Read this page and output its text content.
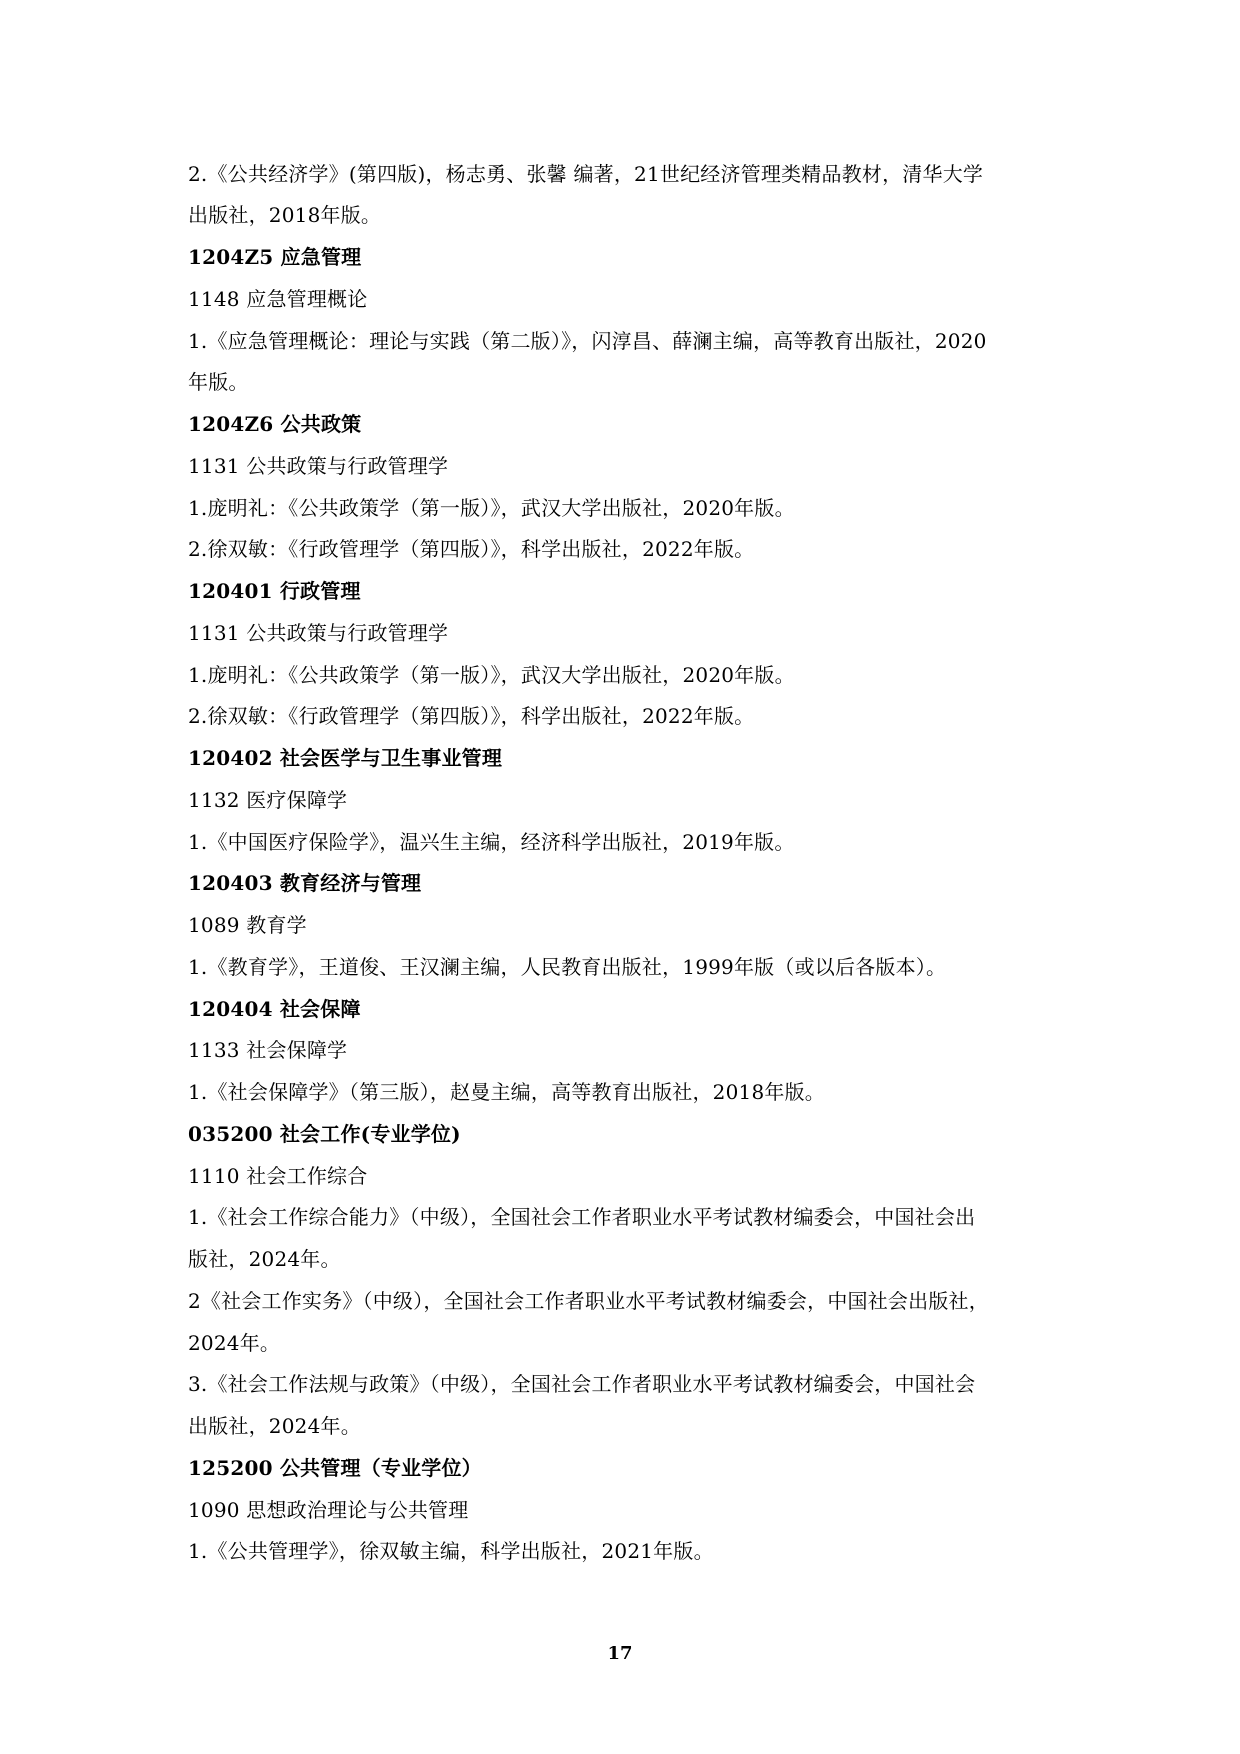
2.《公共经济学》(第四版)，杨志勇、张馨 编著，21世纪经济管理类精品教材，清华大学
出版社，2018年版。
1204Z5 应急管理
1148 应急管理概论
1.《应急管理概论：理论与实践（第二版）》，闪淳昌、薛澜主编，高等教育出版社，2020
年版。
1204Z6 公共政策
1131 公共政策与行政管理学
1.庞明礼：《公共政策学（第一版）》，武汉大学出版社，2020年版。
2.徐双敏：《行政管理学（第四版）》，科学出版社，2022年版。
120401 行政管理
1131 公共政策与行政管理学
1.庞明礼：《公共政策学（第一版）》，武汉大学出版社，2020年版。
2.徐双敏：《行政管理学（第四版）》，科学出版社，2022年版。
120402 社会医学与卫生事业管理
1132 医疗保障学
1.《中国医疗保险学》，温兴生主编，经济科学出版社，2019年版。
120403 教育经济与管理
1089 教育学
1.《教育学》，王道俊、王汉澜主编，人民教育出版社，1999年版（或以后各版本）。
120404 社会保障
1133 社会保障学
1.《社会保障学》（第三版），赵曼主编，高等教育出版社，2018年版。
035200 社会工作(专业学位)
1110 社会工作综合
1.《社会工作综合能力》（中级），全国社会工作者职业水平考试教材编委会，中国社会出
版社，2024年。
2《社会工作实务》（中级），全国社会工作者职业水平考试教材编委会，中国社会出版社，
2024年。
3.《社会工作法规与政策》（中级），全国社会工作者职业水平考试教材编委会，中国社会
出版社，2024年。
125200 公共管理（专业学位）
1090 思想政治理论与公共管理
1.《公共管理学》，徐双敏主编，科学出版社，2021年版。
17
